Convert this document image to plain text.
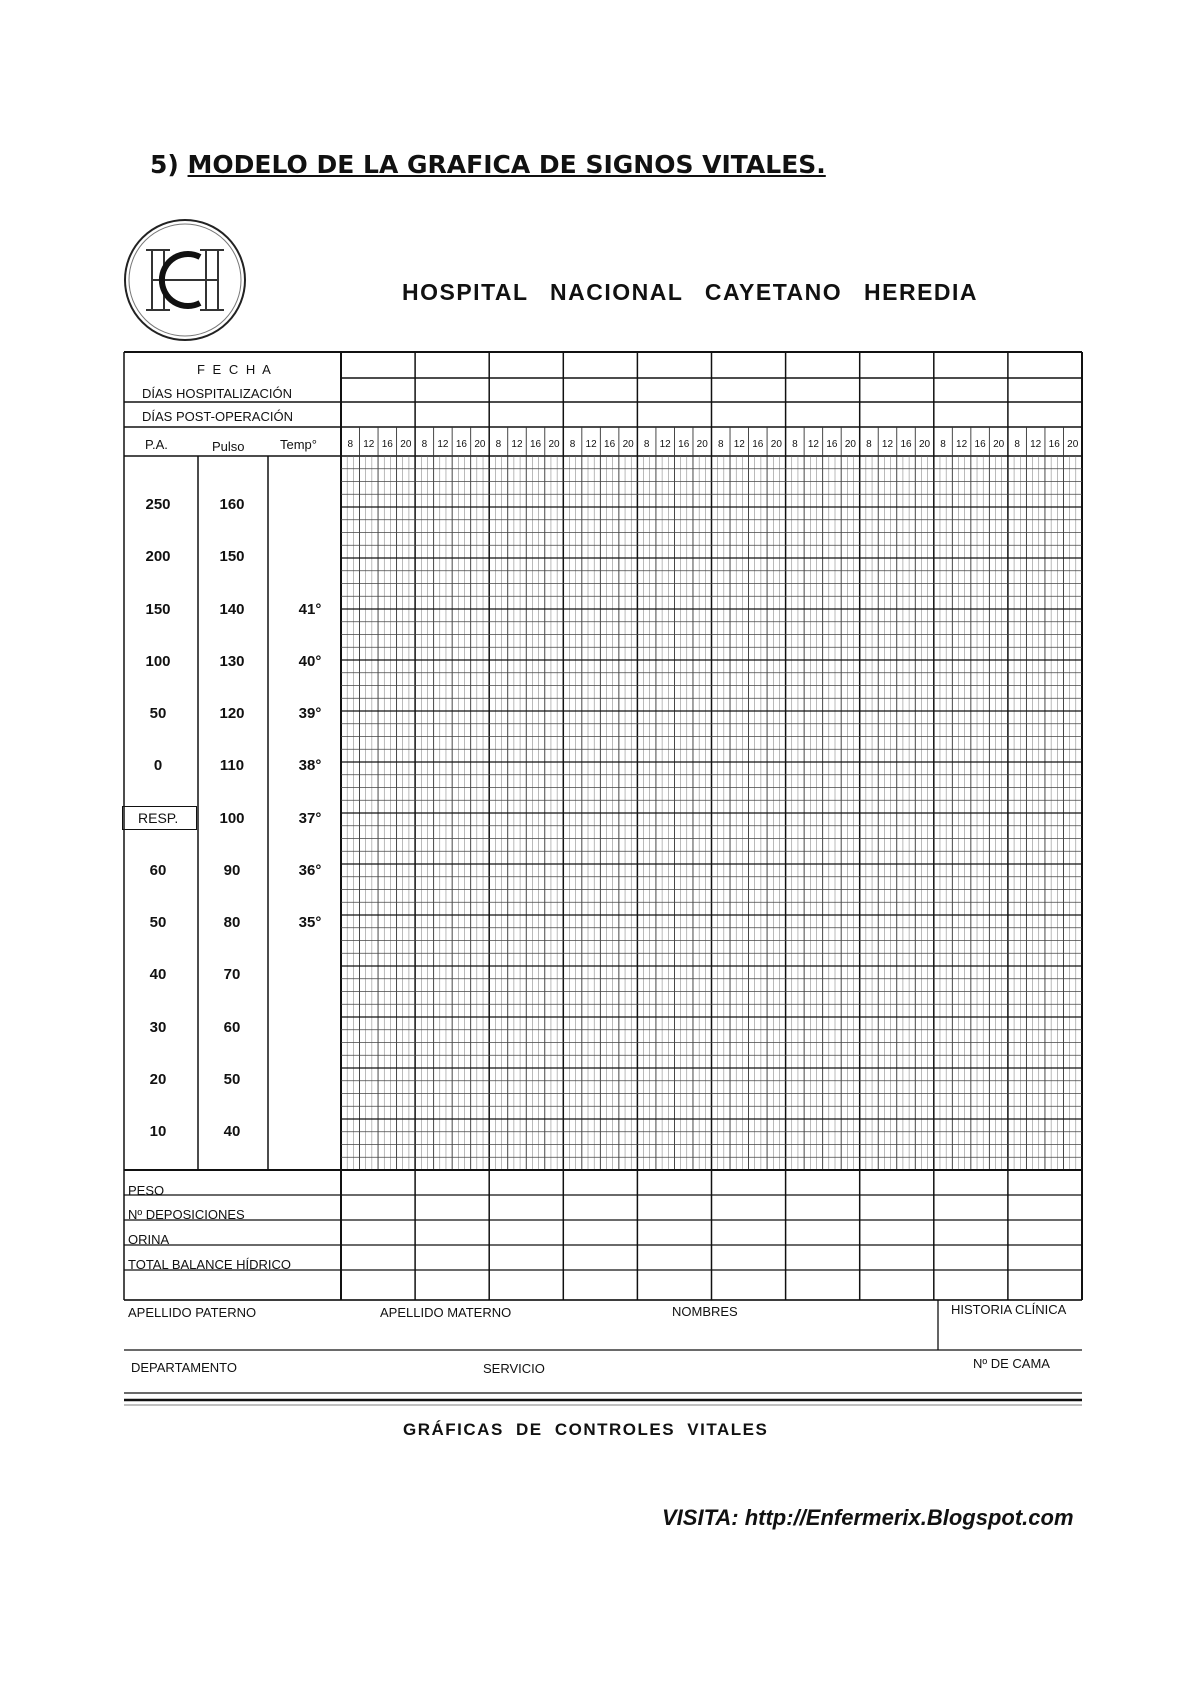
5) MODELO DE LA GRAFICA DE SIGNOS VITALES.
HOSPITAL NACIONAL CAYETANO HEREDIA
8 12 16 20 8 12 16 20 8 12 16 20 8 12 16 20 8 12 16 20 8 12 16 20 8 12 16 20 8 12 16 20 8 12 16 20 8 12 16 20
F E C H A
DÍAS HOSPITALIZACIÓN
DÍAS POST-OPERACIÓN
P.A.	Pulso	Temp°
250	160
200	150
150	140	41°
100	130	40°
50	120	39°
0	110	38°
RESP.	100	37°
60	90	36°
50	80	35°
40	70
30	60
20	50
10	40
PESO
Nº DEPOSICIONES
ORINA
TOTAL BALANCE HÍDRICO
APELLIDO PATERNO	APELLIDO MATERNO	NOMBRES	HISTORIA CLÍNICA
DEPARTAMENTO	SERVICIO	Nº DE CAMA
GRÁFICAS DE CONTROLES VITALES
VISITA: http://Enfermerix.Blogspot.com
